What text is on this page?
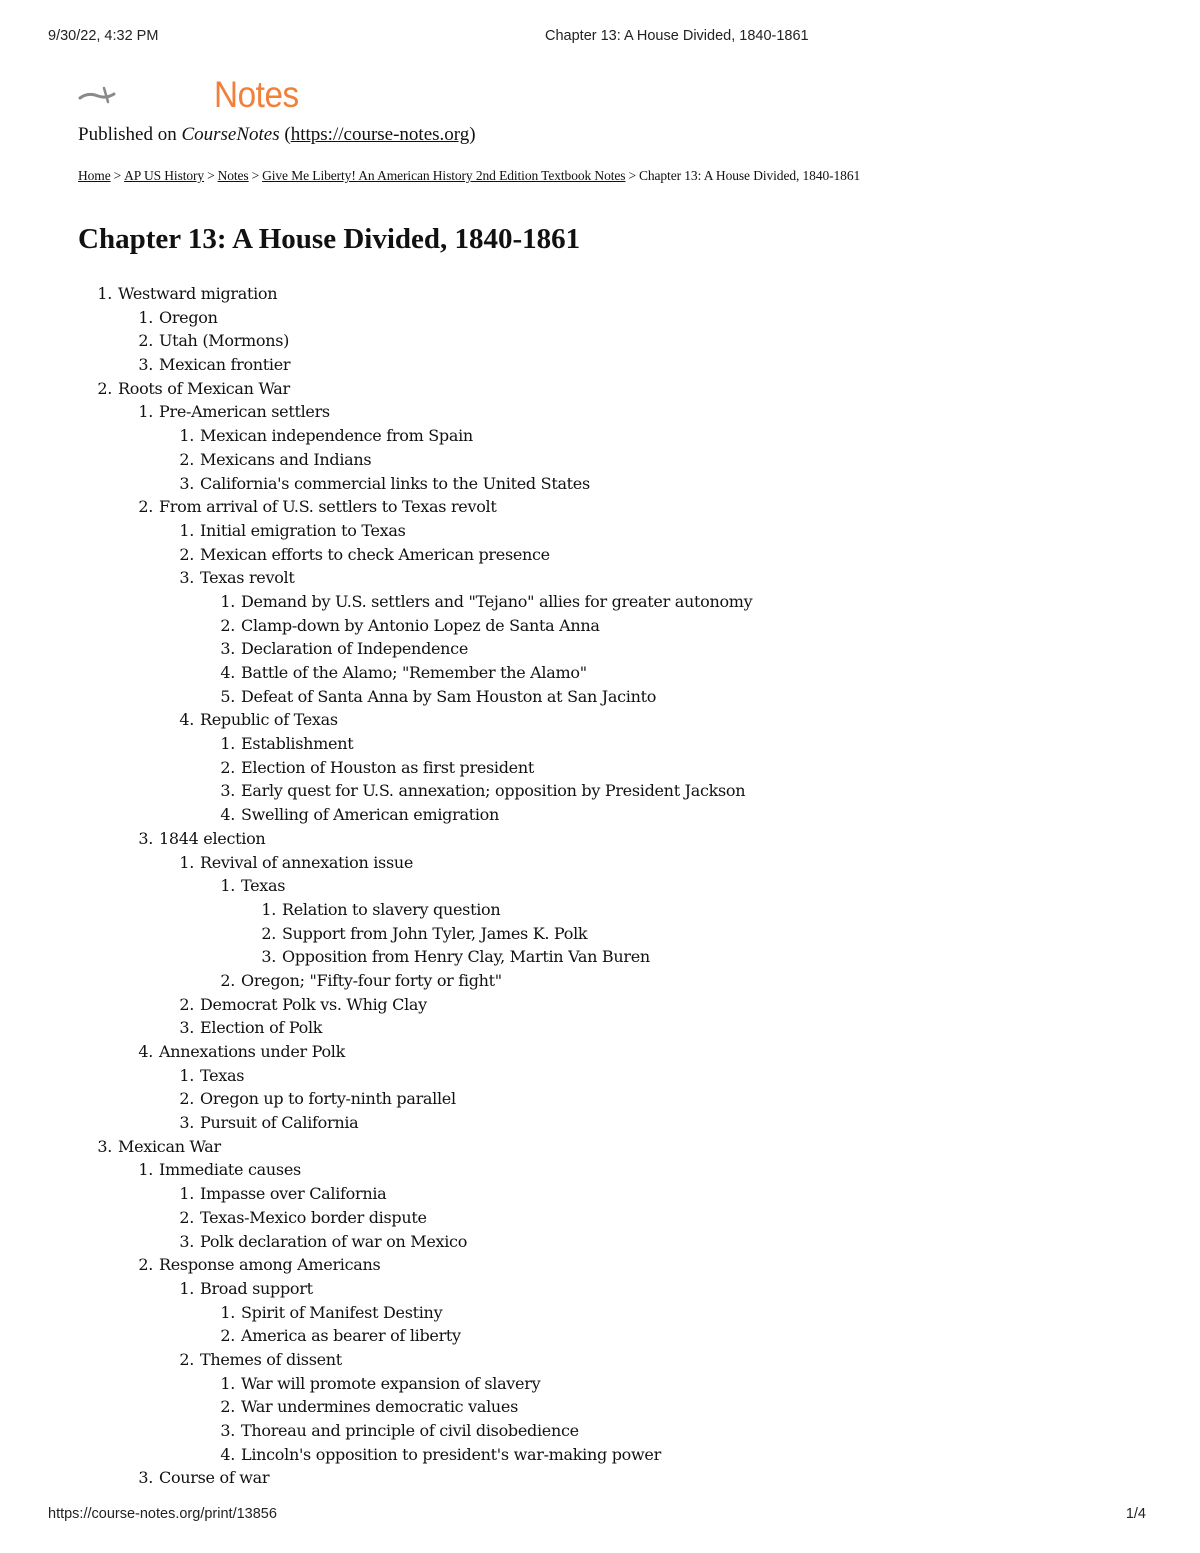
9/30/22, 4:32 PM	Chapter 13: A House Divided, 1840-1861
Notes
Published on CourseNotes (https://course-notes.org)
Home > AP US History > Notes > Give Me Liberty! An American History 2nd Edition Textbook Notes > Chapter 13: A House Divided, 1840-1861
Chapter 13: A House Divided, 1840-1861
1. Westward migration
1. Oregon
2. Utah (Mormons)
3. Mexican frontier
2. Roots of Mexican War
1. Pre-American settlers
1. Mexican independence from Spain
2. Mexicans and Indians
3. California's commercial links to the United States
2. From arrival of U.S. settlers to Texas revolt
1. Initial emigration to Texas
2. Mexican efforts to check American presence
3. Texas revolt
1. Demand by U.S. settlers and "Tejano" allies for greater autonomy
2. Clamp-down by Antonio Lopez de Santa Anna
3. Declaration of Independence
4. Battle of the Alamo; "Remember the Alamo"
5. Defeat of Santa Anna by Sam Houston at San Jacinto
4. Republic of Texas
1. Establishment
2. Election of Houston as first president
3. Early quest for U.S. annexation; opposition by President Jackson
4. Swelling of American emigration
3. 1844 election
1. Revival of annexation issue
1. Texas
1. Relation to slavery question
2. Support from John Tyler, James K. Polk
3. Opposition from Henry Clay, Martin Van Buren
2. Oregon; "Fifty-four forty or fight"
2. Democrat Polk vs. Whig Clay
3. Election of Polk
4. Annexations under Polk
1. Texas
2. Oregon up to forty-ninth parallel
3. Pursuit of California
3. Mexican War
1. Immediate causes
1. Impasse over California
2. Texas-Mexico border dispute
3. Polk declaration of war on Mexico
2. Response among Americans
1. Broad support
1. Spirit of Manifest Destiny
2. America as bearer of liberty
2. Themes of dissent
1. War will promote expansion of slavery
2. War undermines democratic values
3. Thoreau and principle of civil disobedience
4. Lincoln's opposition to president's war-making power
3. Course of war
https://course-notes.org/print/13856	1/4
